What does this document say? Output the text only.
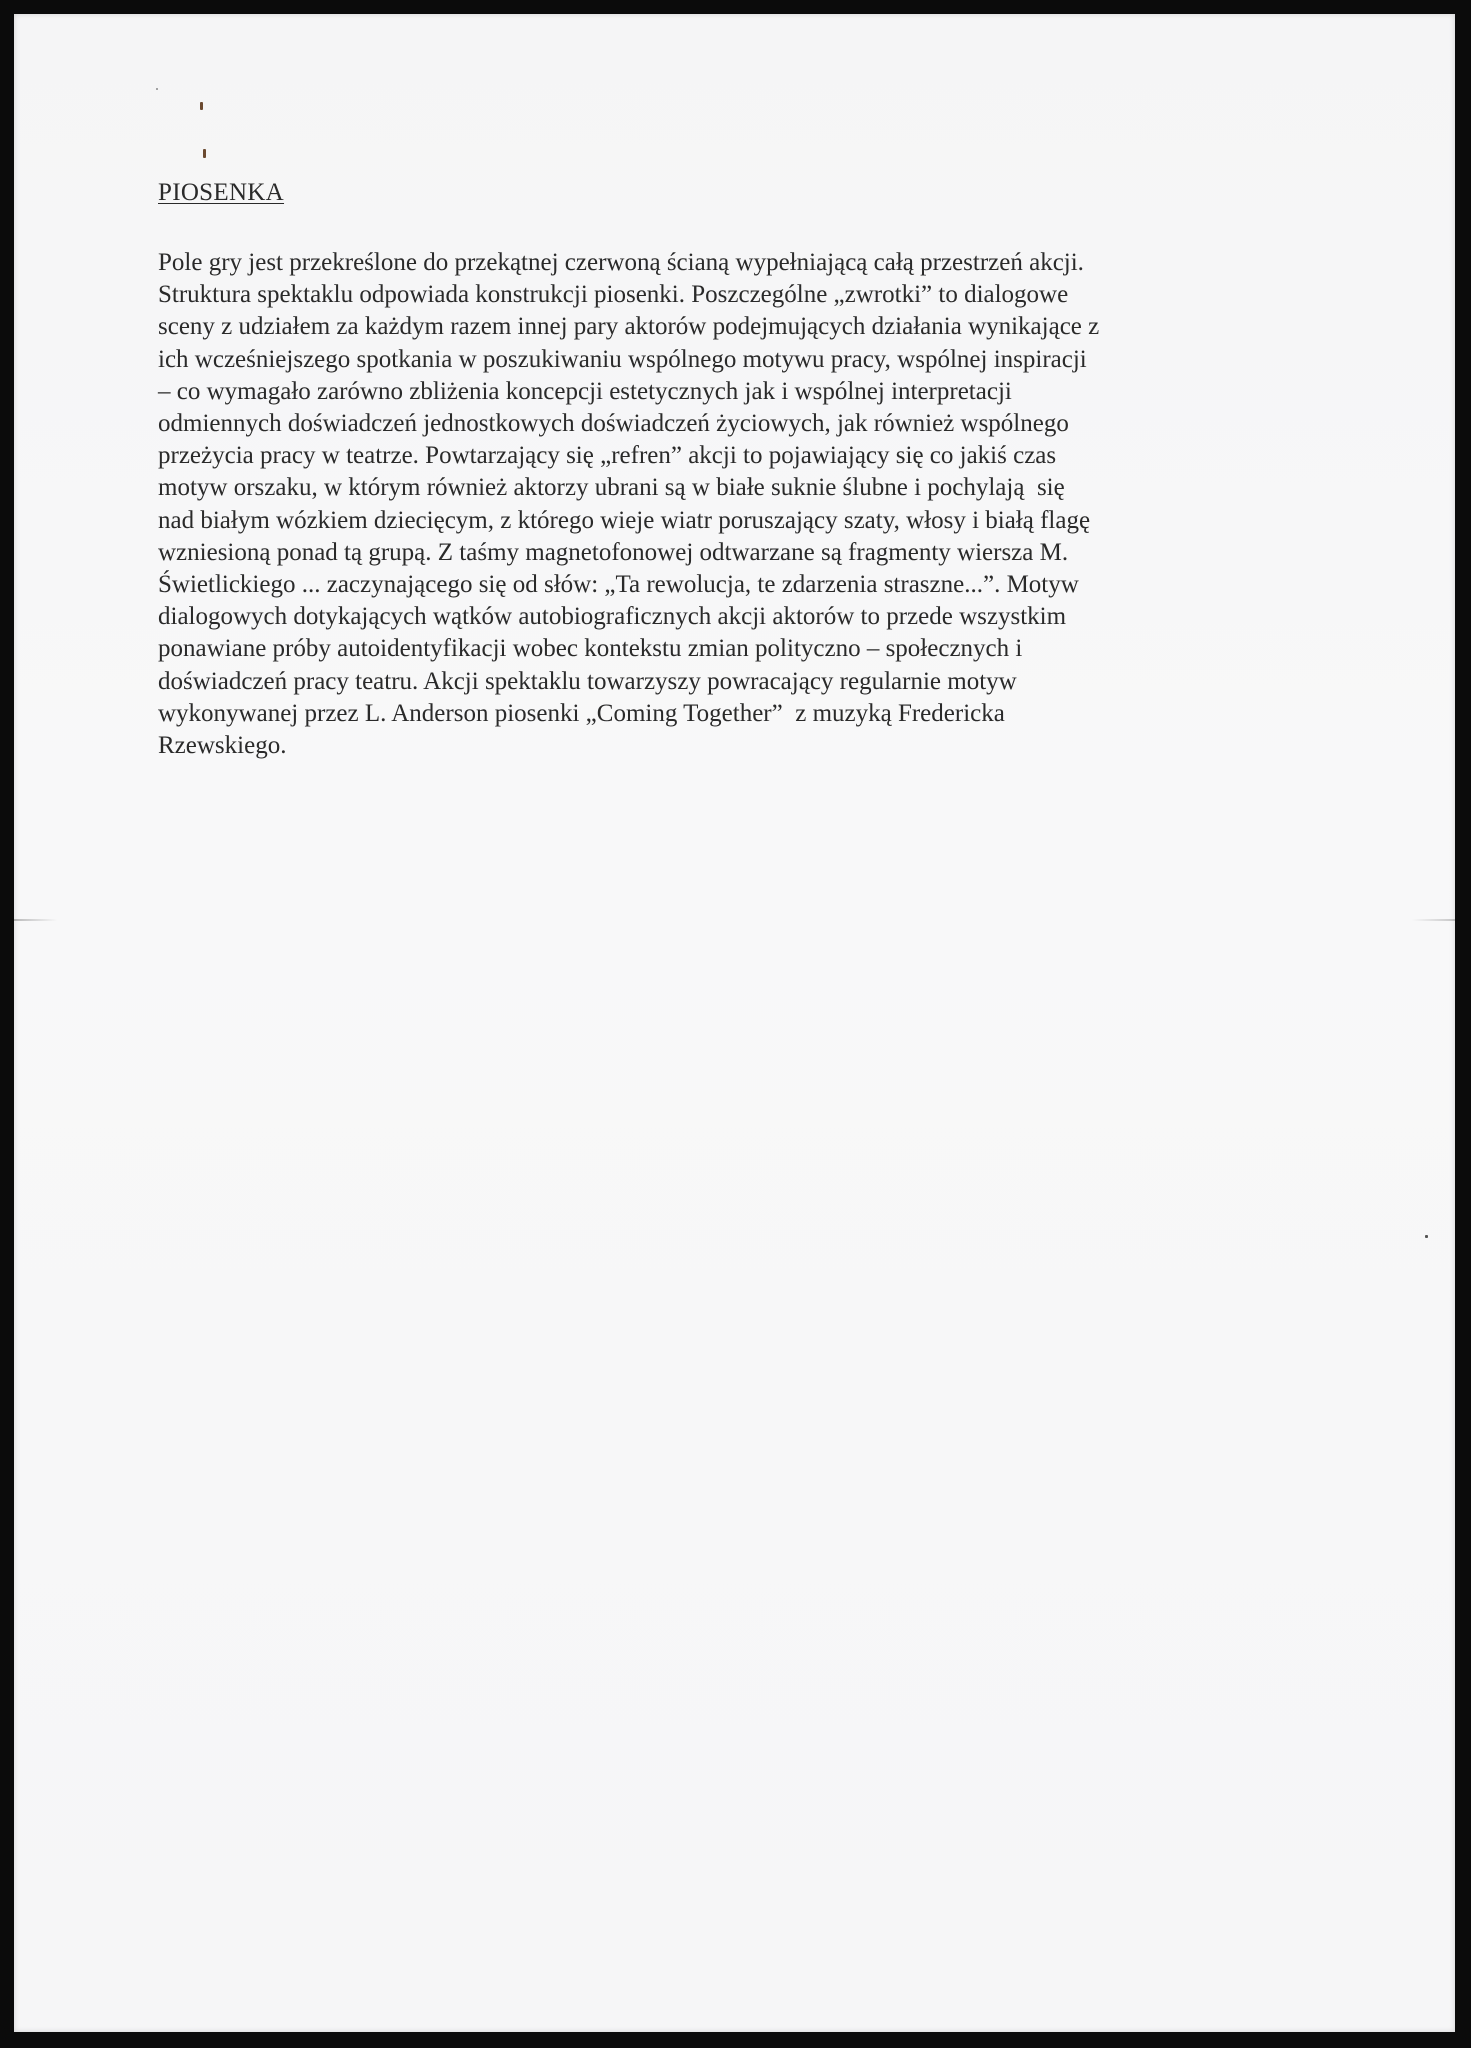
PIOSENKA
Pole gry jest przekreślone do przekątnej czerwoną ścianą wypełniającą całą przestrzeń akcji.
Struktura spektaklu odpowiada konstrukcji piosenki. Poszczególne „zwrotki” to dialogowe
sceny z udziałem za każdym razem innej pary aktorów podejmujących działania wynikające z
ich wcześniejszego spotkania w poszukiwaniu wspólnego motywu pracy, wspólnej inspiracji
– co wymagało zarówno zbliżenia koncepcji estetycznych jak i wspólnej interpretacji
odmiennych doświadczeń jednostkowych doświadczeń życiowych, jak również wspólnego
przeżycia pracy w teatrze. Powtarzający się „refren” akcji to pojawiający się co jakiś czas
motyw orszaku, w którym również aktorzy ubrani są w białe suknie ślubne i pochylają  się
nad białym wózkiem dziecięcym, z którego wieje wiatr poruszający szaty, włosy i białą flagę
wzniesioną ponad tą grupą. Z taśmy magnetofonowej odtwarzane są fragmenty wiersza M.
Świetlickiego ... zaczynającego się od słów: „Ta rewolucja, te zdarzenia straszne...”. Motyw
dialogowych dotykających wątków autobiograficznych akcji aktorów to przede wszystkim
ponawiane próby autoidentyfikacji wobec kontekstu zmian polityczno – społecznych i
doświadczeń pracy teatru. Akcji spektaklu towarzyszy powracający regularnie motyw
wykonywanej przez L. Anderson piosenki „Coming Together”  z muzyką Fredericka
Rzewskiego.
